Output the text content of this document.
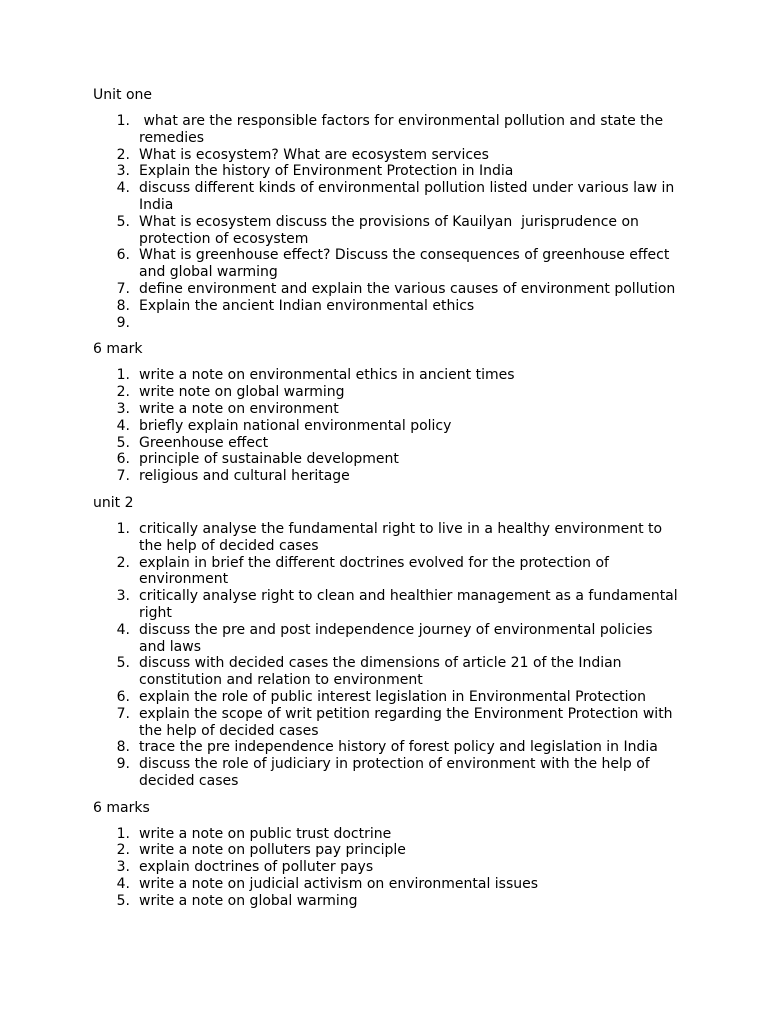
Unit one

1. what are the responsible factors for environmental pollution and state the remedies
2. What is ecosystem? What are ecosystem services
3. Explain the history of Environment Protection in India
4. discuss different kinds of environmental pollution listed under various law in India
5. What is ecosystem discuss the provisions of Kauilyan  jurisprudence on protection of ecosystem
6. What is greenhouse effect? Discuss the consequences of greenhouse effect and global warming
7. define environment and explain the various causes of environment pollution
8. Explain the ancient Indian environmental ethics
9.

6 mark

1. write a note on environmental ethics in ancient times
2. write note on global warming
3. write a note on environment
4. briefly explain national environmental policy
5. Greenhouse effect
6. principle of sustainable development
7. religious and cultural heritage

unit 2

1. critically analyse the fundamental right to live in a healthy environment to the help of decided cases
2. explain in brief the different doctrines evolved for the protection of environment
3. critically analyse right to clean and healthier management as a fundamental right
4. discuss the pre and post independence journey of environmental policies and laws
5. discuss with decided cases the dimensions of article 21 of the Indian constitution and relation to environment
6. explain the role of public interest legislation in Environmental Protection
7. explain the scope of writ petition regarding the Environment Protection with the help of decided cases
8. trace the pre independence history of forest policy and legislation in India
9. discuss the role of judiciary in protection of environment with the help of decided cases

6 marks

1. write a note on public trust doctrine
2. write a note on polluters pay principle
3. explain doctrines of polluter pays
4. write a note on judicial activism on environmental issues
5. write a note on global warming
